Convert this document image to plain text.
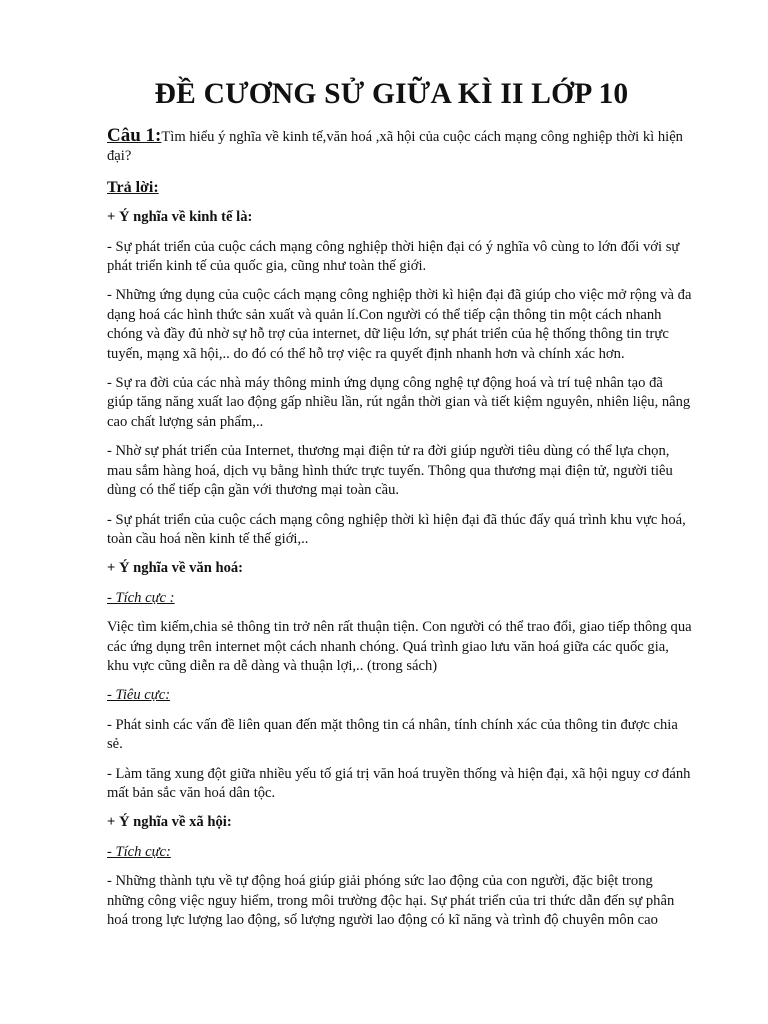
ĐỀ CƯƠNG SỬ GIỮA KÌ II LỚP 10

Câu 1:Tìm hiểu ý nghĩa về kinh tế,văn hoá ,xã hội của cuộc cách mạng công nghiệp thời kì hiện đại?

Trả lời:

+ Ý nghĩa về kinh tế là:

- Sự phát triển của cuộc cách mạng công nghiệp thời hiện đại có ý nghĩa vô cùng to lớn đối với sự phát triển kinh tế của quốc gia, cũng như toàn thế giới.

- Những ứng dụng của cuộc cách mạng công nghiệp thời kì hiện đại đã giúp cho việc mở rộng và đa dạng hoá các hình thức sản xuất và quản lí.Con người có thể tiếp cận thông tin một cách nhanh chóng và đầy đủ nhờ sự hỗ trợ của internet, dữ liệu lớn, sự phát triển của hệ thống thông tin trực tuyến, mạng xã hội,.. do đó có thể hỗ trợ việc ra quyết định nhanh hơn và chính xác hơn.

- Sự ra đời của các nhà máy thông minh ứng dụng công nghệ tự động hoá và trí tuệ nhân tạo đã giúp tăng năng xuất lao động gấp nhiều lần, rút ngắn thời gian và tiết kiệm nguyên, nhiên liệu, nâng cao chất lượng sản phẩm,..

- Nhờ sự phát triển của Internet, thương mại điện tử ra đời giúp người tiêu dùng có thể lựa chọn, mau sắm hàng hoá, dịch vụ bằng hình thức trực tuyến. Thông qua thương mại điện tử, người tiêu dùng có thể tiếp cận gần với thương mại toàn cầu.

- Sự phát triển của cuộc cách mạng công nghiệp thời kì hiện đại đã thúc đẩy quá trình khu vực hoá, toàn cầu hoá nền kinh tế thế giới,..

+ Ý nghĩa về văn hoá:

- Tích cực :

Việc tìm kiếm,chia sẻ thông tin trở nên rất thuận tiện. Con người có thể trao đổi, giao tiếp thông qua các ứng dụng trên internet một cách nhanh chóng. Quá trình giao lưu văn hoá giữa các quốc gia, khu vực cũng diễn ra dễ dàng và thuận lợi,.. (trong sách)

- Tiêu cực:

- Phát sinh các vấn đề liên quan đến mặt thông tin cá nhân, tính chính xác của thông tin được chia sẻ.

- Làm tăng xung đột giữa nhiều yếu tố giá trị văn hoá truyền thống và hiện đại, xã hội nguy cơ đánh mất bản sắc văn hoá dân tộc.

+ Ý nghĩa về xã hội:

- Tích cực:

- Những thành tựu về tự động hoá giúp giải phóng sức lao động của con người, đặc biệt trong những công việc nguy hiểm, trong môi trường độc hại. Sự phát triển của tri thức dẫn đến sự phân hoá trong lực lượng lao động, số lượng người lao động có kĩ năng và trình độ chuyên môn cao
